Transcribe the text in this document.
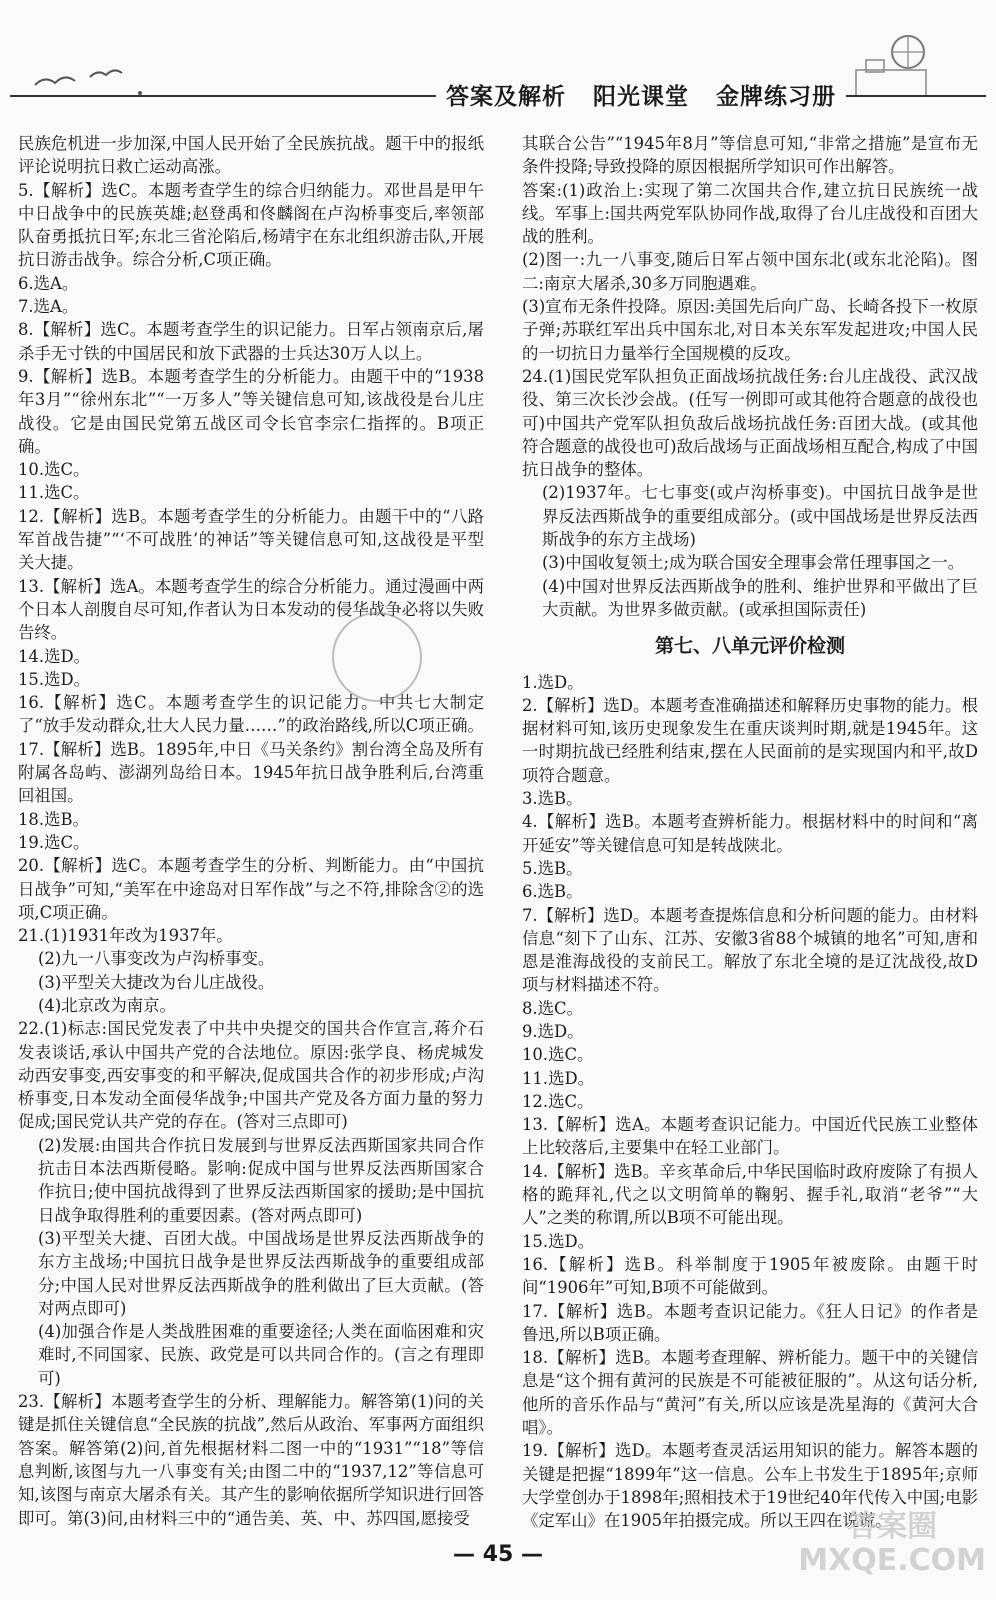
答案及解析 阳光课堂 金牌练习册

民族危机进一步加深,中国人民开始了全民族抗战。题干中的报纸评论说明抗日救亡运动高涨。

5.【解析】选C。本题考查学生的综合归纳能力。邓世昌是甲午中日战争中的民族英雄;赵登禹和佟麟阁在卢沟桥事变后,率领部队奋勇抵抗日军;东北三省沦陷后,杨靖宇在东北组织游击队,开展抗日游击战争。综合分析,C项正确。

6.选A。

7.选A。

8.【解析】选C。本题考查学生的识记能力。日军占领南京后,屠杀手无寸铁的中国居民和放下武器的士兵达30万人以上。

9.【解析】选B。本题考查学生的分析能力。由题干中的“1938年3月”“徐州东北”“一万多人”等关键信息可知,该战役是台儿庄战役。它是由国民党第五战区司令长官李宗仁指挥的。B项正确。

10.选C。

11.选C。

12.【解析】选B。本题考查学生的分析能力。由题干中的“八路军首战告捷”“‘不可战胜’的神话”等关键信息可知,这战役是平型关大捷。

13.【解析】选A。本题考查学生的综合分析能力。通过漫画中两个日本人剖腹自尽可知,作者认为日本发动的侵华战争必将以失败告终。

14.选D。

15.选D。

16.【解析】选C。本题考查学生的识记能力。中共七大制定了“放手发动群众,壮大人民力量……”的政治路线,所以C项正确。

17.【解析】选B。1895年,中日《马关条约》割台湾全岛及所有附属各岛屿、澎湖列岛给日本。1945年抗日战争胜利后,台湾重回祖国。

18.选B。

19.选C。

20.【解析】选C。本题考查学生的分析、判断能力。由“中国抗日战争”可知,“美军在中途岛对日军作战”与之不符,排除含②的选项,C项正确。

21.(1)1931年改为1937年。

(2)九一八事变改为卢沟桥事变。

(3)平型关大捷改为台儿庄战役。

(4)北京改为南京。

22.(1)标志:国民党发表了中共中央提交的国共合作宣言,蒋介石发表谈话,承认中国共产党的合法地位。原因:张学良、杨虎城发动西安事变,西安事变的和平解决,促成国共合作的初步形成;卢沟桥事变,日本发动全面侵华战争;中国共产党及各方面力量的努力促成;国民党认共产党的存在。(答对三点即可)

(2)发展:由国共合作抗日发展到与世界反法西斯国家共同合作抗击日本法西斯侵略。影响:促成中国与世界反法西斯国家合作抗日;使中国抗战得到了世界反法西斯国家的援助;是中国抗日战争取得胜利的重要因素。(答对两点即可)

(3)平型关大捷、百团大战。中国战场是世界反法西斯战争的东方主战场;中国抗日战争是世界反法西斯战争的重要组成部分;中国人民对世界反法西斯战争的胜利做出了巨大贡献。(答对两点即可)

(4)加强合作是人类战胜困难的重要途径;人类在面临困难和灾难时,不同国家、民族、政党是可以共同合作的。(言之有理即可)

23.【解析】本题考查学生的分析、理解能力。解答第(1)问的关键是抓住关键信息“全民族的抗战”,然后从政治、军事两方面组织答案。解答第(2)问,首先根据材料二图一中的“1931”“18”等信息判断,该图与九一八事变有关;由图二中的“1937,12”等信息可知,该图与南京大屠杀有关。其产生的影响依据所学知识进行回答即可。第(3)问,由材料三中的“通告美、英、中、苏四国,愿接受

其联合公告”“1945年8月”等信息可知,“非常之措施”是宣布无条件投降;导致投降的原因根据所学知识可作出解答。

答案:(1)政治上:实现了第二次国共合作,建立抗日民族统一战线。军事上:国共两党军队协同作战,取得了台儿庄战役和百团大战的胜利。

(2)图一:九一八事变,随后日军占领中国东北(或东北沦陷)。图二:南京大屠杀,30多万同胞遇难。

(3)宣布无条件投降。原因:美国先后向广岛、长崎各投下一枚原子弹;苏联红军出兵中国东北,对日本关东军发起进攻;中国人民的一切抗日力量举行全国规模的反攻。

24.(1)国民党军队担负正面战场抗战任务:台儿庄战役、武汉战役、第三次长沙会战。(任写一例即可或其他符合题意的战役也可)中国共产党军队担负敌后战场抗战任务:百团大战。(或其他符合题意的战役也可)敌后战场与正面战场相互配合,构成了中国抗日战争的整体。

(2)1937年。七七事变(或卢沟桥事变)。中国抗日战争是世界反法西斯战争的重要组成部分。(或中国战场是世界反法西斯战争的东方主战场)

(3)中国收复领土;成为联合国安全理事会常任理事国之一。

(4)中国对世界反法西斯战争的胜利、维护世界和平做出了巨大贡献。为世界多做贡献。(或承担国际责任)

第七、八单元评价检测

1.选D。

2.【解析】选D。本题考查准确描述和解释历史事物的能力。根据材料可知,该历史现象发生在重庆谈判时期,就是1945年。这一时期抗战已经胜利结束,摆在人民面前的是实现国内和平,故D项符合题意。

3.选B。

4.【解析】选B。本题考查辨析能力。根据材料中的时间和“离开延安”等关键信息可知是转战陕北。

5.选B。

6.选B。

7.【解析】选D。本题考查提炼信息和分析问题的能力。由材料信息“刻下了山东、江苏、安徽3省88个城镇的地名”可知,唐和恩是淮海战役的支前民工。解放了东北全境的是辽沈战役,故D项与材料描述不符。

8.选C。

9.选D。

10.选C。

11.选D。

12.选C。

13.【解析】选A。本题考查识记能力。中国近代民族工业整体上比较落后,主要集中在轻工业部门。

14.【解析】选B。辛亥革命后,中华民国临时政府废除了有损人格的跪拜礼,代之以文明简单的鞠躬、握手礼,取消“老爷”“大人”之类的称谓,所以B项不可能出现。

15.选D。

16.【解析】选B。科举制度于1905年被废除。由题干时间“1906年”可知,B项不可能做到。

17.【解析】选B。本题考查识记能力。《狂人日记》的作者是鲁迅,所以B项正确。

18.【解析】选B。本题考查理解、辨析能力。题干中的关键信息是“这个拥有黄河的民族是不可能被征服的”。从这句话分析,他所的音乐作品与“黄河”有关,所以应该是冼星海的《黄河大合唱》。

19.【解析】选D。本题考查灵活运用知识的能力。解答本题的关键是把握“1899年”这一信息。公车上书发生于1895年;京师大学堂创办于1898年;照相技术于19世纪40年代传入中国;电影《定军山》在1905年拍摄完成。所以王四在说谎。

— 45 —
答案圈
MXQE.COM
